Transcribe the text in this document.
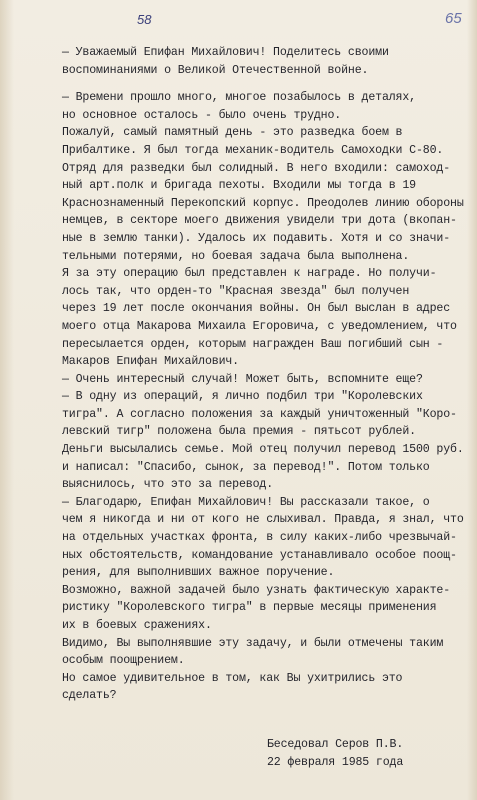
58	65
— Уважаемый Епифан Михайлович! Поделитесь своими
воспоминаниями о Великой Отечественной войне.
— Времени прошло много, многое позабылось в деталях,
но основное осталось - было очень трудно.
Пожалуй, самый памятный день - это разведка боем в
Прибалтике. Я был тогда механик-водитель Самоходки С-80.
Отряд для разведки был солидный. В него входили: самоход-
ный арт.полк и бригада пехоты. Входили мы тогда в 19
Краснознаменный Перекопский корпус. Преодолев линию обороны
немцев, в секторе моего движения увидели три дота (вкопан-
ные в землю танки). Удалось их подавить. Хотя и со значи-
тельными потерями, но боевая задача была выполнена.
Я за эту операцию был представлен к награде. Но получи-
лось так, что орден-то "Красная звезда" был получен
через 19 лет после окончания войны. Он был выслан в адрес
моего отца Макарова Михаила Егоровича, с уведомлением, что
пересылается орден, которым награжден Ваш погибший сын -
Макаров Епифан Михайлович.
— Очень интересный случай! Может быть, вспомните еще?
— В одну из операций, я лично подбил три "Королевских
тигра". А согласно положения за каждый уничтоженный "Коро-
левский тигр" положена была премия - пятьсот рублей.
Деньги высылались семье. Мой отец получил перевод 1500 руб.
и написал: "Спасибо, сынок, за перевод!". Потом только
выяснилось, что это за перевод.
— Благодарю, Епифан Михайлович! Вы рассказали такое, о
чем я никогда и ни от кого не слыхивал. Правда, я знал, что
на отдельных участках фронта, в силу каких-либо чрезвычай-
ных обстоятельств, командование устанавливало особое поощ-
рения, для выполнивших важное поручение.
Возможно, важной задачей было узнать фактическую характе-
ристику "Королевского тигра" в первые месяцы применения
их в боевых сражениях.
Видимо, Вы выполнявшие эту задачу, и были отмечены таким
особым поощрением.
Но самое удивительное в том, как Вы ухитрились это
сделать?
Беседовал Серов П.В.
22 февраля 1985 года
